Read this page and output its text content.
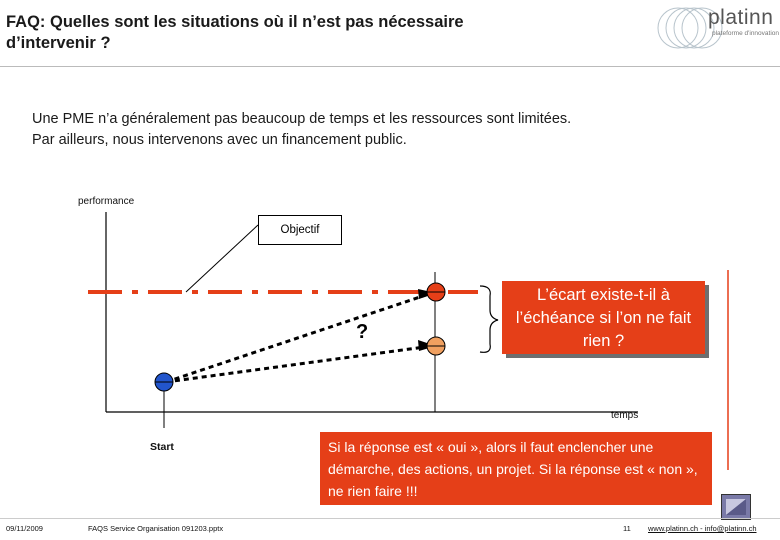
FAQ: Quelles sont les situations où il n’est pas nécessaire
d’intervenir ?
platinn
plateforme d'innovation

Une PME n’a généralement pas beaucoup de temps et les ressources sont limitées.

Par ailleurs, nous intervenons avec un financement public.

performance
temps
Start
Objectif
?
L’écart existe-t-il à l’échéance si l’on ne fait rien ?
Si la réponse est « oui », alors il faut enclencher une démarche, des actions, un projet. Si la réponse est « non », ne rien faire !!!
09/11/2009	FAQS Service Organisation 091203.pptx	11 www.platinn.ch - info@platinn.ch
